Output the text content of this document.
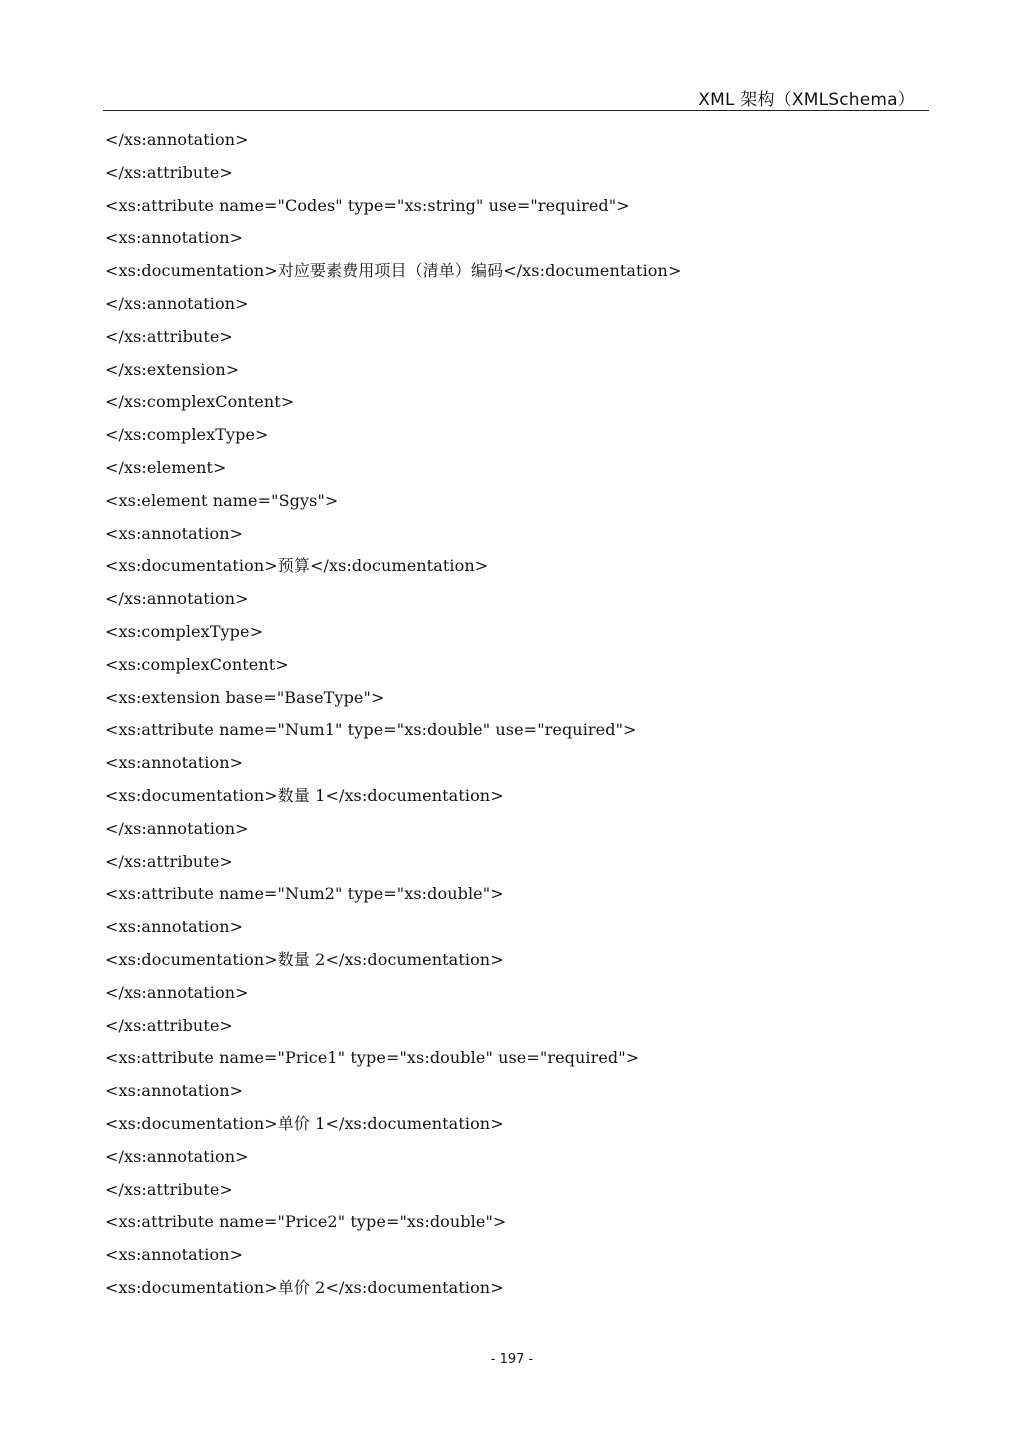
XML 架构（XMLSchema）
</xs:annotation>
</xs:attribute>
<xs:attribute name="Codes" type="xs:string" use="required">
<xs:annotation>
<xs:documentation>对应要素费用项目（清单）编码</xs:documentation>
</xs:annotation>
</xs:attribute>
</xs:extension>
</xs:complexContent>
</xs:complexType>
</xs:element>
<xs:element name="Sgys">
<xs:annotation>
<xs:documentation>预算</xs:documentation>
</xs:annotation>
<xs:complexType>
<xs:complexContent>
<xs:extension base="BaseType">
<xs:attribute name="Num1" type="xs:double" use="required">
<xs:annotation>
<xs:documentation>数量 1</xs:documentation>
</xs:annotation>
</xs:attribute>
<xs:attribute name="Num2" type="xs:double">
<xs:annotation>
<xs:documentation>数量 2</xs:documentation>
</xs:annotation>
</xs:attribute>
<xs:attribute name="Price1" type="xs:double" use="required">
<xs:annotation>
<xs:documentation>单价 1</xs:documentation>
</xs:annotation>
</xs:attribute>
<xs:attribute name="Price2" type="xs:double">
<xs:annotation>
<xs:documentation>单价 2</xs:documentation>
- 197 -
